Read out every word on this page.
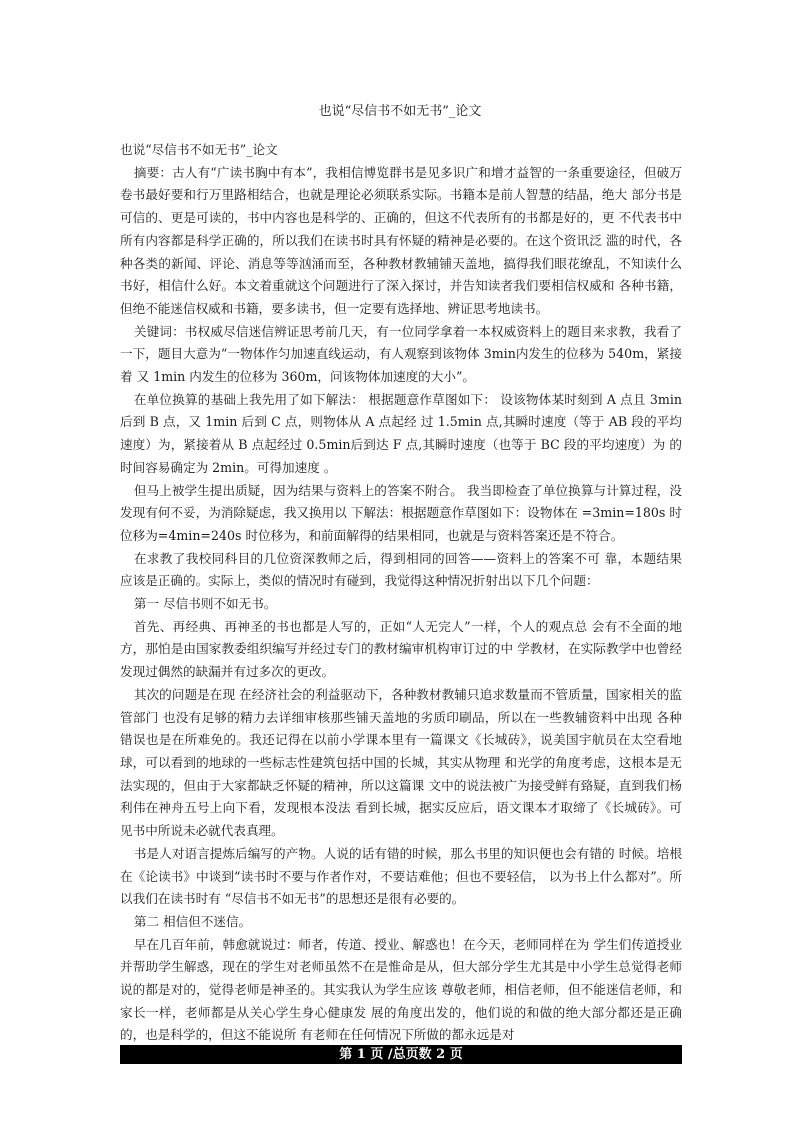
也说“尽信书不如无书”_论文

也说“尽信书不如无书”_论文

摘要：古人有“广读书胸中有本”，我相信博览群书是见多识广和增才益智的一条重要途径，但破万卷书最好要和行万里路相结合，也就是理论必须联系实际。书籍本是前人智慧的结晶，绝大 部分书是可信的、更是可读的，书中内容也是科学的、正确的，但这不代表所有的书都是好的，更 不代表书中所有内容都是科学正确的，所以我们在读书时具有怀疑的精神是必要的。在这个资讯泛 滥的时代，各种各类的新闻、评论、消息等等汹涌而至，各种教材教辅铺天盖地，搞得我们眼花缭乱，不知读什么书好，相信什么好。本文着重就这个问题进行了深入探讨，并告知读者我们要相信权威和 各种书籍，但绝不能迷信权威和书籍，要多读书，但一定要有选择地、辨证思考地读书。

关键词：书权威尽信迷信辨证思考前几天，有一位同学拿着一本权威资料上的题目来求教，我看了一下，题目大意为“一物体作匀加速直线运动，有人观察到该物体 3min内发生的位移为 540m，紧接着 又 1min 内发生的位移为 360m，问该物体加速度的大小”。

在单位换算的基础上我先用了如下解法： 根据题意作草图如下： 设该物体某时刻到 A 点且 3min 后到 B 点，又 1min 后到 C 点，则物体从 A 点起经 过 1.5min 点,其瞬时速度（等于 AB 段的平均速度）为，紧接着从 B 点起经过 0.5min后到达 F 点,其瞬时速度（也等于 BC 段的平均速度）为 的时间容易确定为 2min。可得加速度 。

但马上被学生提出质疑，因为结果与资料上的答案不附合。 我当即检查了单位换算与计算过程，没发现有何不妥，为消除疑虑，我又换用以 下解法：根据题意作草图如下：设物体在 =3min=180s 时位移为=4min=240s 时位移为，和前面解得的结果相同，也就是与资料答案还是不符合。

在求教了我校同科目的几位资深教师之后，得到相同的回答——资料上的答案不可 靠，本题结果 应该是正确的。实际上，类似的情况时有碰到，我觉得这种情况折射出以下几个问题：

第一 尽信书则不如无书。

首先、再经典、再神圣的书也都是人写的，正如“人无完人”一样，个人的观点总 会有不全面的地方，那怕是由国家教委组织编写并经过专门的教材编审机构审订过的中 学教材，在实际教学中也曾经发现过偶然的缺漏并有过多次的更改。

其次的问题是在现 在经济社会的利益驱动下，各种教材教辅只追求数量而不管质量，国家相关的监管部门 也没有足够的精力去详细审核那些铺天盖地的劣质印刷品，所以在一些教辅资料中出现 各种错误也是在所难免的。我还记得在以前小学课本里有一篇课文《长城砖》，说美国宇航员在太空看地球，可以看到的地球的一些标志性建筑包括中国的长城，其实从物理 和光学的角度考虑，这根本是无法实现的，但由于大家都缺乏怀疑的精神，所以这篇课 文中的说法被广为接受鲜有臵疑，直到我们杨利伟在神舟五号上向下看，发现根本没法 看到长城，据实反应后，语文课本才取缔了《长城砖》。可见书中所说未必就代表真理。

书是人对语言提炼后编写的产物。人说的话有错的时候，那么书里的知识便也会有错的 时候。培根在《论读书》中谈到“读书时不要与作者作对，不要诘难他；但也不要轻信， 以为书上什么都对”。所以我们在读书时有 “尽信书不如无书”的思想还是很有必要的。

第二 相信但不迷信。

早在几百年前，韩愈就说过：师者，传道、授业、解惑也！在今天，老师同样在为 学生们传道授业并帮助学生解惑，现在的学生对老师虽然不在是惟命是从，但大部分学生尤其是中小学生总觉得老师说的都是对的，觉得老师是神圣的。其实我认为学生应该 尊敬老师，相信老师，但不能迷信老师，和家长一样，老师都是从关心学生身心健康发 展的角度出发的，他们说的和做的绝大部分都还是正确的，也是科学的，但这不能说所 有老师在任何情况下所做的都永远是对

第 1 页 /总页数 2 页
